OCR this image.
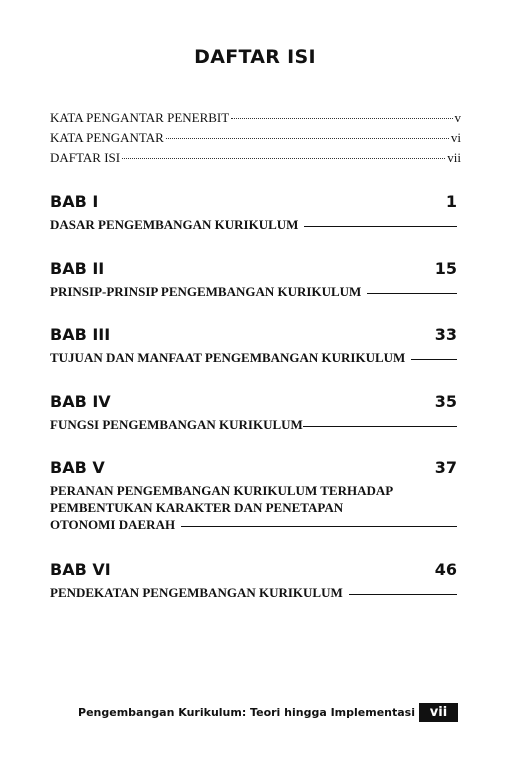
DAFTAR ISI
KATA PENGANTAR PENERBIT	v
KATA PENGANTAR	vi
DAFTAR ISI	vii
BAB I	1
DASAR PENGEMBANGAN KURIKULUM
BAB II	15
PRINSIP-PRINSIP PENGEMBANGAN KURIKULUM
BAB III	33
TUJUAN DAN MANFAAT PENGEMBANGAN KURIKULUM
BAB IV	35
FUNGSI PENGEMBANGAN KURIKULUM
BAB V	37
PERANAN PENGEMBANGAN KURIKULUM TERHADAP
PEMBENTUKAN KARAKTER DAN PENETAPAN
OTONOMI DAERAH
BAB VI	46
PENDEKATAN PENGEMBANGAN KURIKULUM
Pengembangan Kurikulum: Teori hingga Implementasi	vii
